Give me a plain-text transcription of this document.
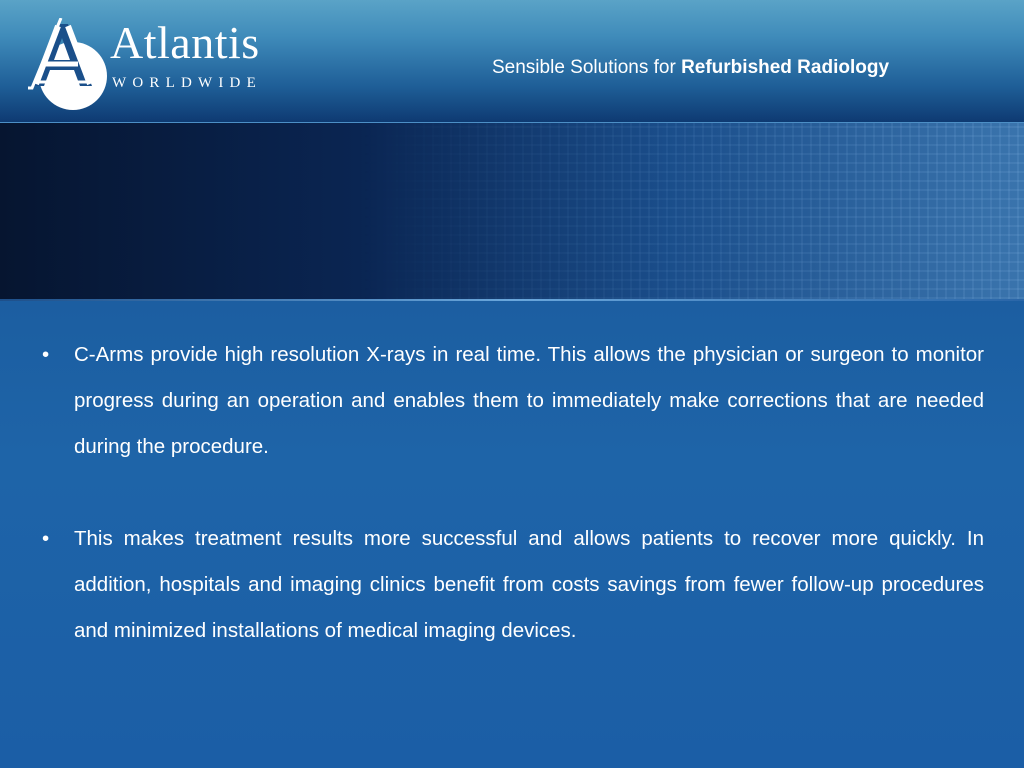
Atlantis
WORLDWIDE
Sensible Solutions for Refurbished Radiology
• C-Arms provide high resolution X-rays in real time. This allows the physician or surgeon to monitor progress during an operation and enables them to immediately make corrections that are needed during the procedure.
• This makes treatment results more successful and allows patients to recover more quickly. In addition, hospitals and imaging clinics benefit from costs savings from fewer follow-up procedures and minimized installations of medical imaging devices.
